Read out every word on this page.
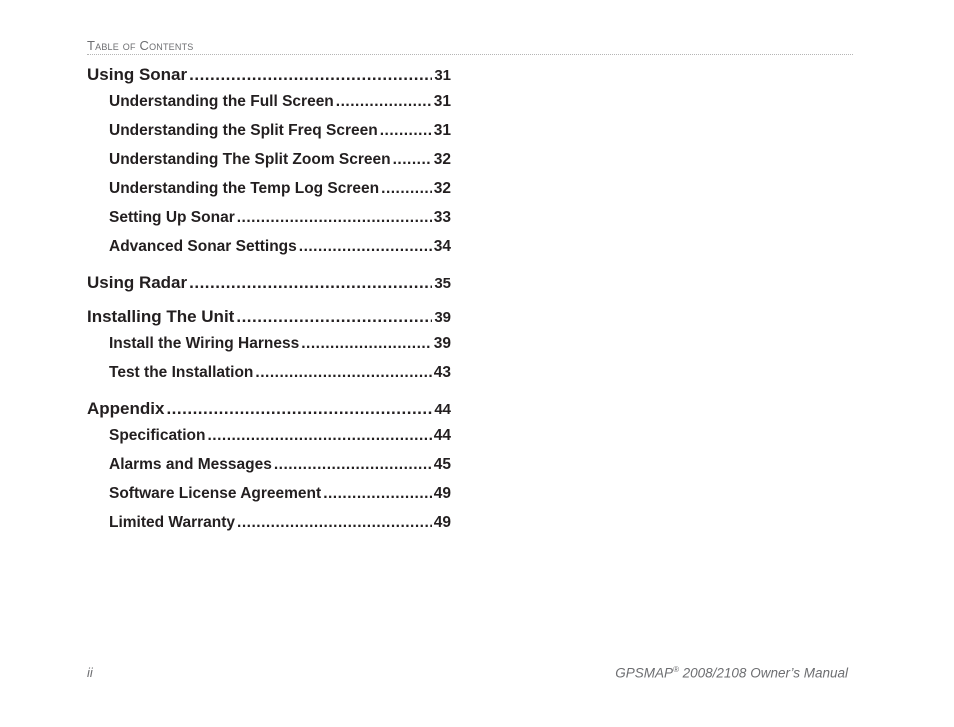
Table of Contents
Using Sonar .....	31
Understanding the Full Screen .....	31
Understanding the Split Freq Screen .....	31
Understanding The Split Zoom Screen .....	32
Understanding the Temp Log Screen .....	32
Setting Up Sonar .....	33
Advanced Sonar Settings .....	34
Using Radar .....	35
Installing The Unit .....	39
Install the Wiring Harness .....	39
Test the Installation .....	43
Appendix .....	44
Specification .....	44
Alarms and Messages .....	45
Software License Agreement .....	49
Limited Warranty .....	49
ii	GPSMAP® 2008/2108 Owner’s Manual
